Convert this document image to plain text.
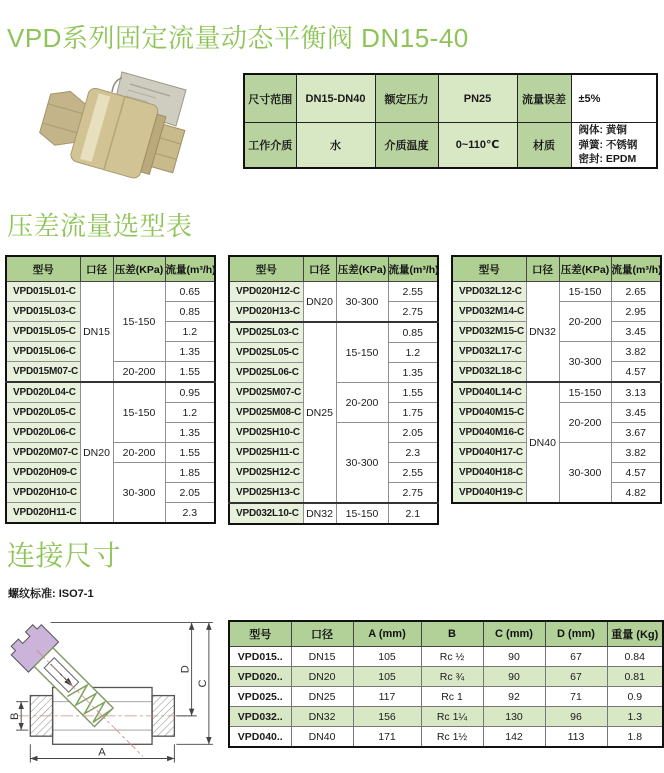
VPD系列固定流量动态平衡阀 DN15-40
尺寸范围	DN15-DN40	额定压力	PN25	流量误差	±5%
工作介质	水	介质温度	0~110℃	材质	阀体: 黄铜
弹簧: 不锈钢
密封: EPDM
压差流量选型表
型号	口径	压差(KPa)	流量(m³/h)
VPD015L01-C	DN15	15-150	0.65
VPD015L03-C			0.85
VPD015L05-C			1.2
VPD015L06-C			1.35
VPD015M07-C		20-200	1.55
VPD020L04-C	DN20	15-150	0.95
VPD020L05-C			1.2
VPD020L06-C			1.35
VPD020M07-C		20-200	1.55
VPD020H09-C		30-300	1.85
VPD020H10-C			2.05
VPD020H11-C			2.3
型号	口径	压差(KPa)	流量(m³/h)
VPD020H12-C	DN20	30-300	2.55
VPD020H13-C			2.75
VPD025L03-C	DN25	15-150	0.85
VPD025L05-C			1.2
VPD025L06-C			1.35
VPD025M07-C		20-200	1.55
VPD025M08-C			1.75
VPD025H10-C		30-300	2.05
VPD025H11-C			2.3
VPD025H12-C			2.55
VPD025H13-C			2.75
VPD032L10-C	DN32	15-150	2.1
型号	口径	压差(KPa)	流量(m³/h)
VPD032L12-C	DN32	15-150	2.65
VPD032M14-C		20-200	2.95
VPD032M15-C			3.45
VPD032L17-C		30-300	3.82
VPD032L18-C			4.57
VPD040L14-C	DN40	15-150	3.13
VPD040M15-C		20-200	3.45
VPD040M16-C			3.67
VPD040H17-C		30-300	3.82
VPD040H18-C			4.57
VPD040H19-C			4.82
连接尺寸
螺纹标准: ISO7-1
A
B
C
D
型号	口径	A (mm)	B	C (mm)	D (mm)	重量 (Kg)
VPD015..	DN15	105	Rc ½	90	67	0.84
VPD020..	DN20	105	Rc ¾	90	67	0.81
VPD025..	DN25	117	Rc 1	92	71	0.9
VPD032..	DN32	156	Rc 1¼	130	96	1.3
VPD040..	DN40	171	Rc 1½	142	113	1.8
